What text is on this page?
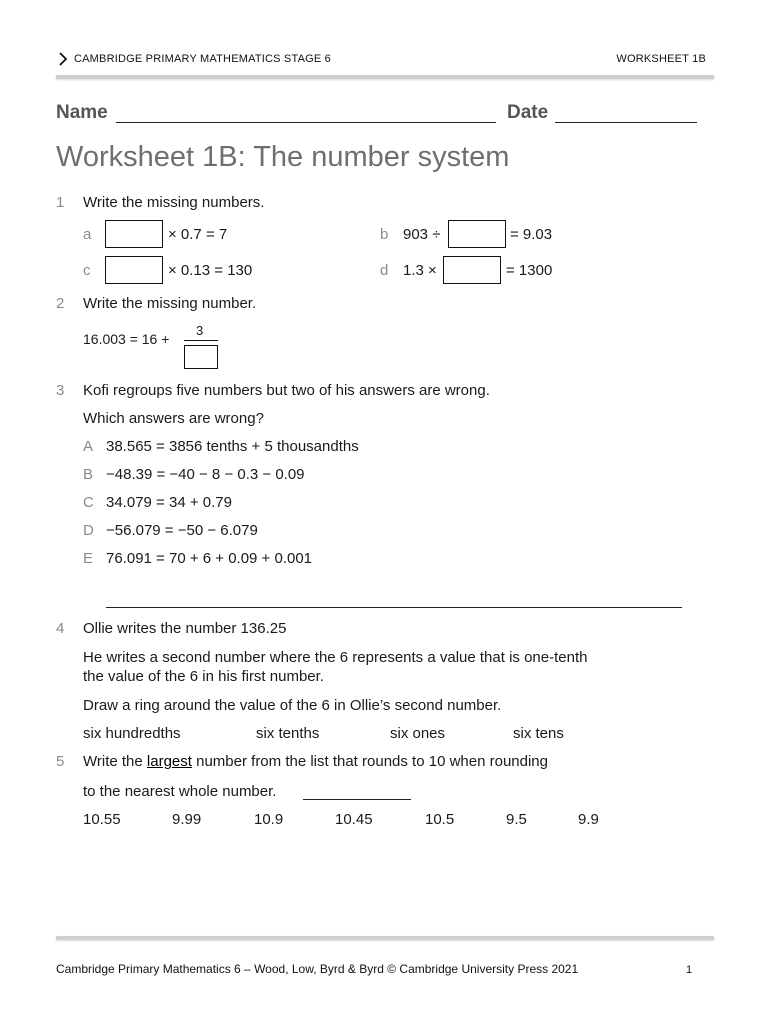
CAMBRIDGE PRIMARY MATHEMATICS STAGE 6	WORKSHEET 1B
Name	Date
Worksheet 1B: The number system
1 Write the missing numbers.
a	× 0.7 = 7	b 903 ÷	= 9.03
c	× 0.13 = 130	d 1.3 ×	= 1300
2 Write the missing number.
16.003 = 16 +
3
3 Kofi regroups five numbers but two of his answers are wrong.
Which answers are wrong?
A 38.565 = 3856 tenths + 5 thousandths
B −48.39 = −40 − 8 − 0.3 − 0.09
C 34.079 = 34 + 0.79
D −56.079 = −50 − 6.079
E 76.091 = 70 + 6 + 0.09 + 0.001
4 Ollie writes the number 136.25
He writes a second number where the 6 represents a value that is one-tenth
the value of the 6 in his first number.
Draw a ring around the value of the 6 in Ollie’s second number.
six hundredths	six tenths	six ones	six tens
5 Write the largest number from the list that rounds to 10 when rounding
to the nearest whole number.
10.55	9.99	10.9	10.45	10.5	9.5	9.9
Cambridge Primary Mathematics 6 – Wood, Low, Byrd & Byrd © Cambridge University Press 2021	1
